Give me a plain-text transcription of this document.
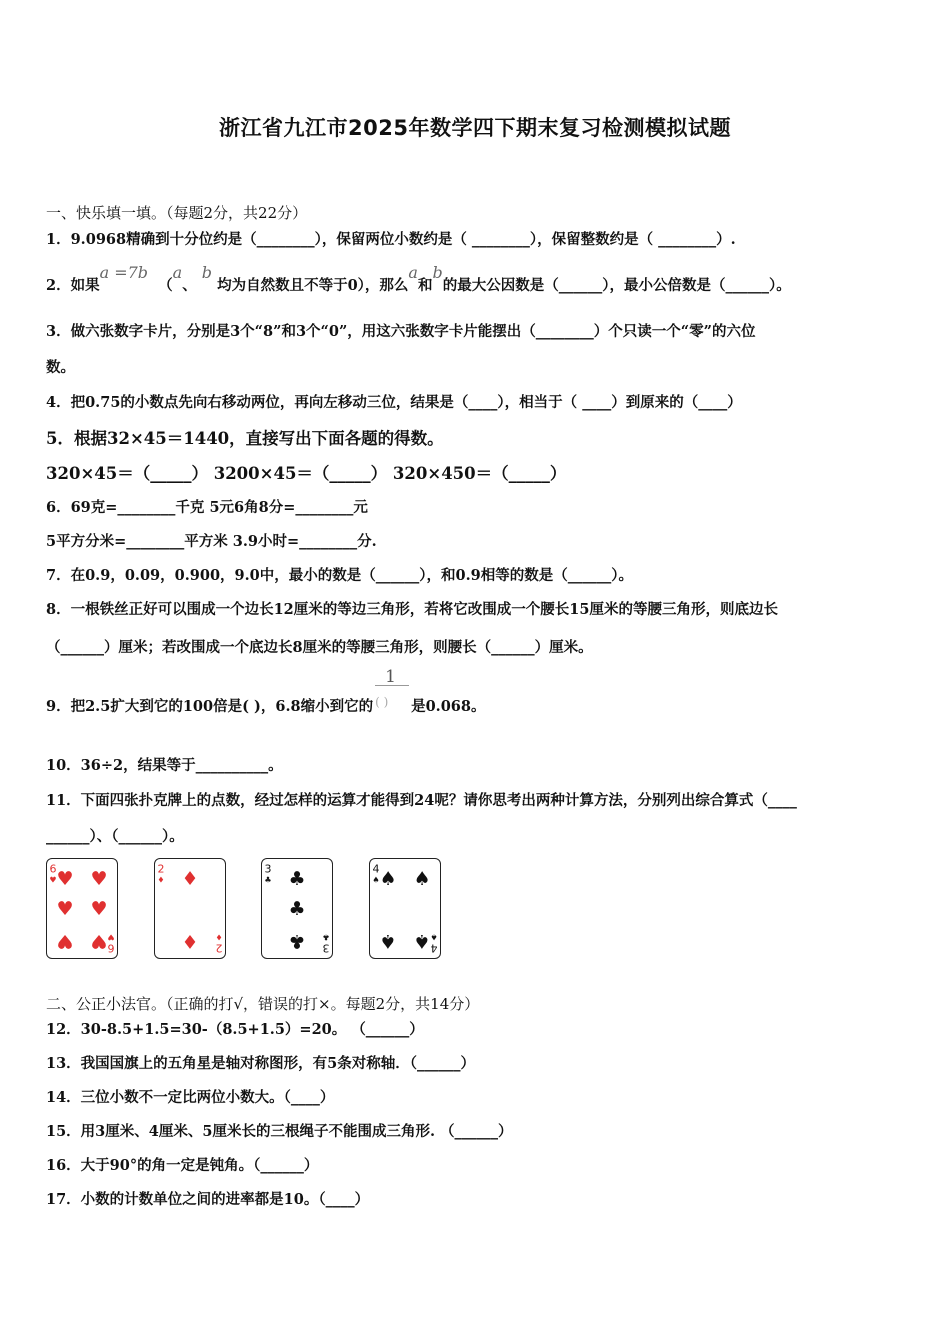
浙江省九江市2025年数学四下期末复习检测模拟试题
一、快乐填一填。（每题2分，共22分）
1．9.0968精确到十分位约是（________），保留两位小数约是（ ________），保留整数约是（ ________）.
2．如果a =7b  （a、 b 均为自然数且不等于0），那么a和b的最大公因数是（______），最小公倍数是（______）。
3．做六张数字卡片，分别是3个“8”和3个“0”，用这六张数字卡片能摆出（________）个只读一个“零”的六位
数。
4．把0.75的小数点先向右移动两位，再向左移动三位，结果是（____），相当于（ ____）到原来的（____）
5．根据32×45＝1440，直接写出下面各题的得数。
320×45＝（_____） 3200×45＝（_____） 320×450＝（_____）
6．69克=________千克 5元6角8分=________元
5平方分米=________平方米 3.9小时=________分.
7．在0.9，0.09，0.900，9.0中，最小的数是（______），和0.9相等的数是（______）。
8．一根铁丝正好可以围成一个边长12厘米的等边三角形，若将它改围成一个腰长15厘米的等腰三角形，则底边长
（______）厘米；若改围成一个底边长8厘米的等腰三角形，则腰长（______）厘米。
9．把2.5扩大到它的100倍是( )，6.8缩小到它的
1
( ) 是0.068。
10．36÷2，结果等于__________。
11．下面四张扑克牌上的点数，经过怎样的运算才能得到24呢？请你思考出两种计算方法，分别列出综合算式（____
______）、（______）。
6
♥
6
♥
♥ ♥
♥ ♥
♥ ♥
2
♦
2
♦
♦
♦
3
♣
3
♣
♣
♣
♣
4
♠
4
♠
♠ ♠
♠ ♠
二、公正小法官。（正确的打√，错误的打×。每题2分，共14分）
12．30-8.5+1.5=30-（8.5+1.5）=20。 （______）
13．我国国旗上的五角星是轴对称图形，有5条对称轴．（______）
14．三位小数不一定比两位小数大。（____）
15．用3厘米、4厘米、5厘米长的三根绳子不能围成三角形. （______）
16．大于90°的角一定是钝角。（______）
17．小数的计数单位之间的进率都是10。（____）
